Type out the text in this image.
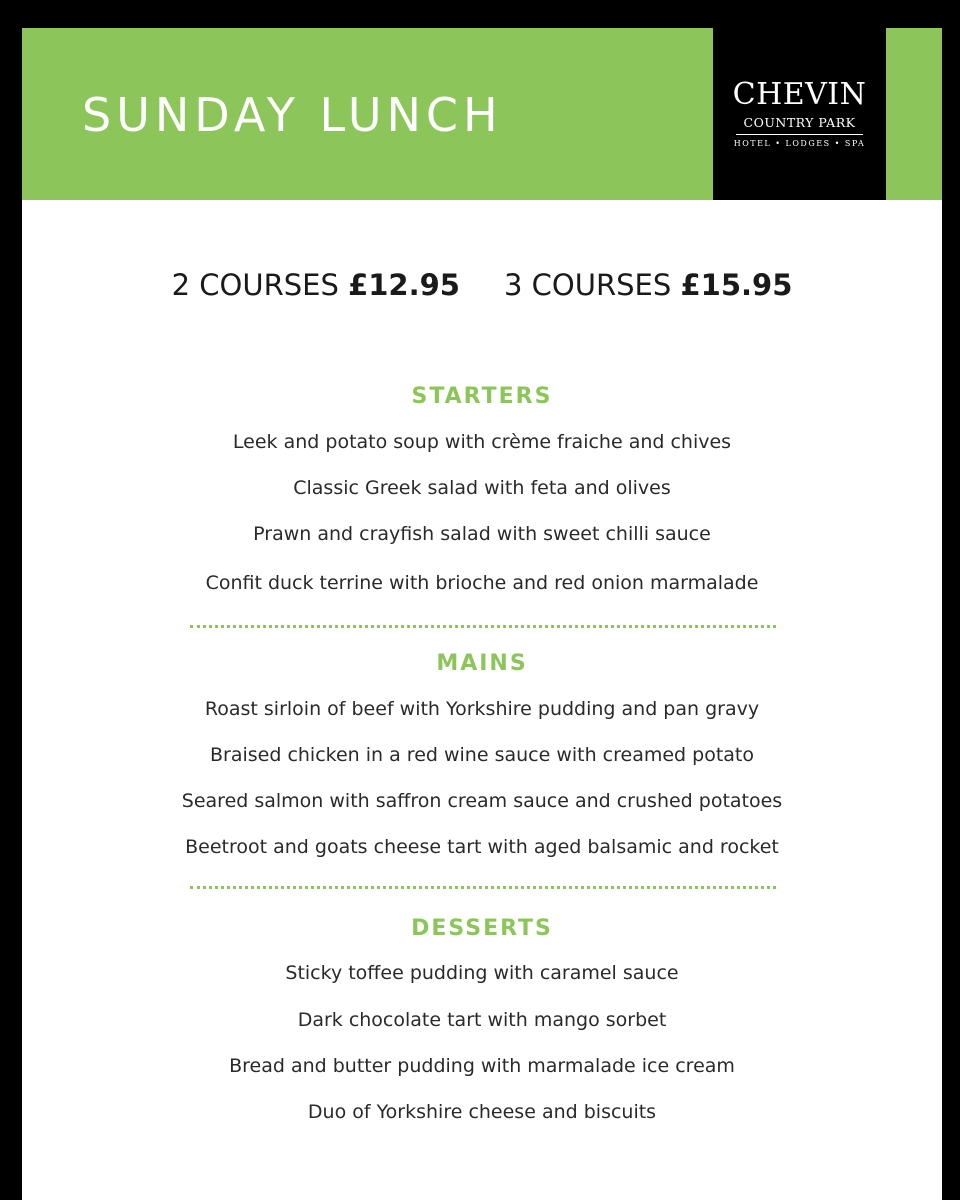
SUNDAY LUNCH	CHEVIN
COUNTRY PARK
HOTEL • LODGES • SPA
2 COURSES £12.95 3 COURSES £15.95
STARTERS
Leek and potato soup with crème fraiche and chives
Classic Greek salad with feta and olives
Prawn and crayfish salad with sweet chilli sauce
Confit duck terrine with brioche and red onion marmalade
MAINS
Roast sirloin of beef with Yorkshire pudding and pan gravy
Braised chicken in a red wine sauce with creamed potato
Seared salmon with saffron cream sauce and crushed potatoes
Beetroot and goats cheese tart with aged balsamic and rocket
DESSERTS
Sticky toffee pudding with caramel sauce
Dark chocolate tart with mango sorbet
Bread and butter pudding with marmalade ice cream
Duo of Yorkshire cheese and biscuits
